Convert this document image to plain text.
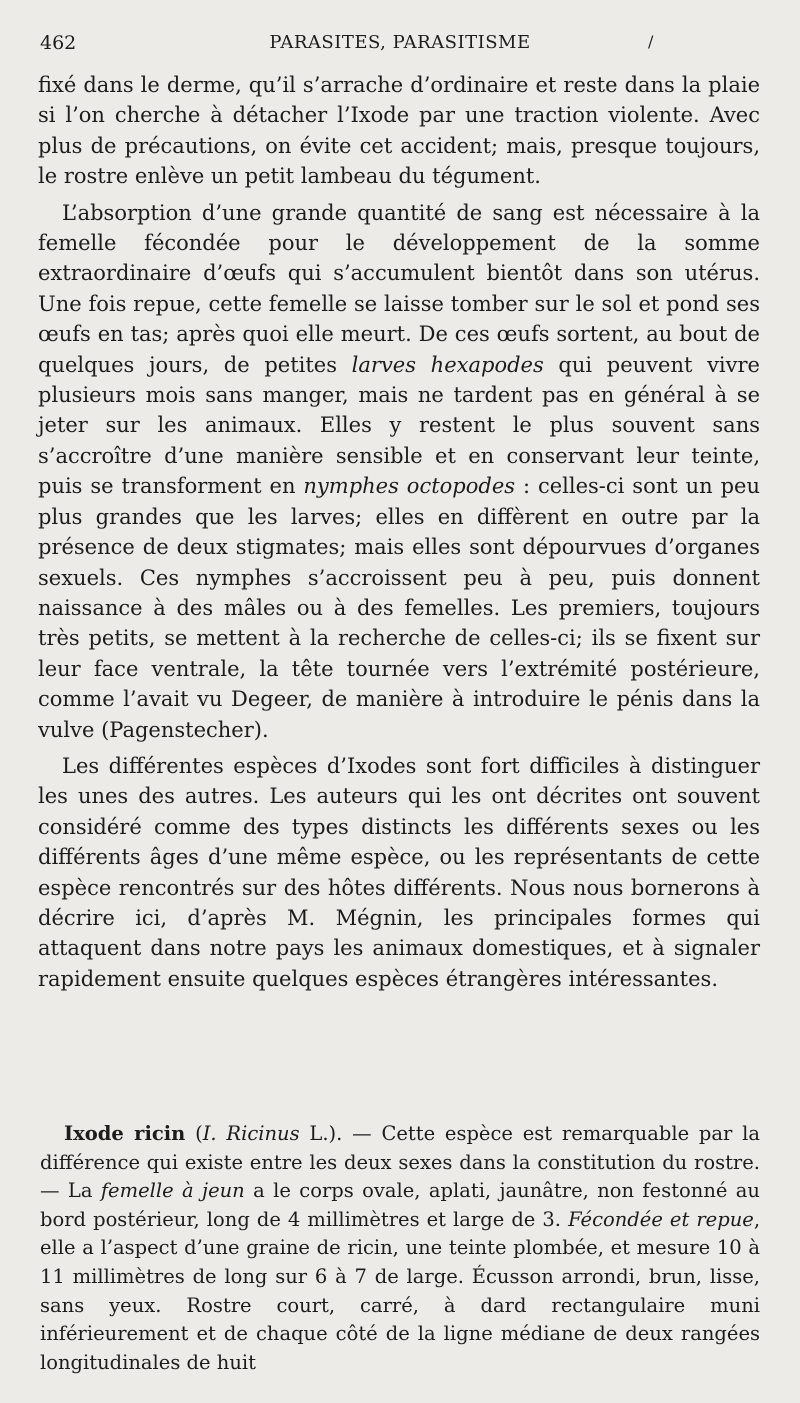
462	PARASITES, PARASITISME	/

fixé dans le derme, qu’il s’arrache d’ordinaire et reste dans la plaie si l’on cherche à détacher l’Ixode par une traction violente. Avec plus de précautions, on évite cet accident; mais, presque toujours, le rostre enlève un petit lambeau du tégument.

L’absorption d’une grande quantité de sang est nécessaire à la femelle fécondée pour le développement de la somme extraordinaire d’œufs qui s’accumulent bientôt dans son utérus. Une fois repue, cette femelle se laisse tomber sur le sol et pond ses œufs en tas; après quoi elle meurt. De ces œufs sortent, au bout de quelques jours, de petites larves hexapodes qui peuvent vivre plusieurs mois sans manger, mais ne tardent pas en général à se jeter sur les animaux. Elles y restent le plus souvent sans s’accroître d’une manière sensible et en conservant leur teinte, puis se transforment en nymphes octopodes : celles-ci sont un peu plus grandes que les larves; elles en diffèrent en outre par la présence de deux stigmates; mais elles sont dépourvues d’organes sexuels. Ces nymphes s’accroissent peu à peu, puis donnent naissance à des mâles ou à des femelles. Les premiers, toujours très petits, se mettent à la recherche de celles-ci; ils se fixent sur leur face ventrale, la tête tournée vers l’extrémité postérieure, comme l’avait vu Degeer, de manière à introduire le pénis dans la vulve (Pagenstecher).

Les différentes espèces d’Ixodes sont fort difficiles à distinguer les unes des autres. Les auteurs qui les ont décrites ont souvent considéré comme des types distincts les différents sexes ou les différents âges d’une même espèce, ou les représentants de cette espèce rencontrés sur des hôtes différents. Nous nous bornerons à décrire ici, d’après M. Mégnin, les principales formes qui attaquent dans notre pays les animaux domestiques, et à signaler rapidement ensuite quelques espèces étrangères intéressantes.

Ixode ricin (I. Ricinus L.). — Cette espèce est remarquable par la différence qui existe entre les deux sexes dans la constitution du rostre. — La femelle à jeun a le corps ovale, aplati, jaunâtre, non festonné au bord postérieur, long de 4 millimètres et large de 3. Fécondée et repue, elle a l’aspect d’une graine de ricin, une teinte plombée, et mesure 10 à 11 millimètres de long sur 6 à 7 de large. Écusson arrondi, brun, lisse, sans yeux. Rostre court, carré, à dard rectangulaire muni inférieurement et de chaque côté de la ligne médiane de deux rangées longitudinales de huit
